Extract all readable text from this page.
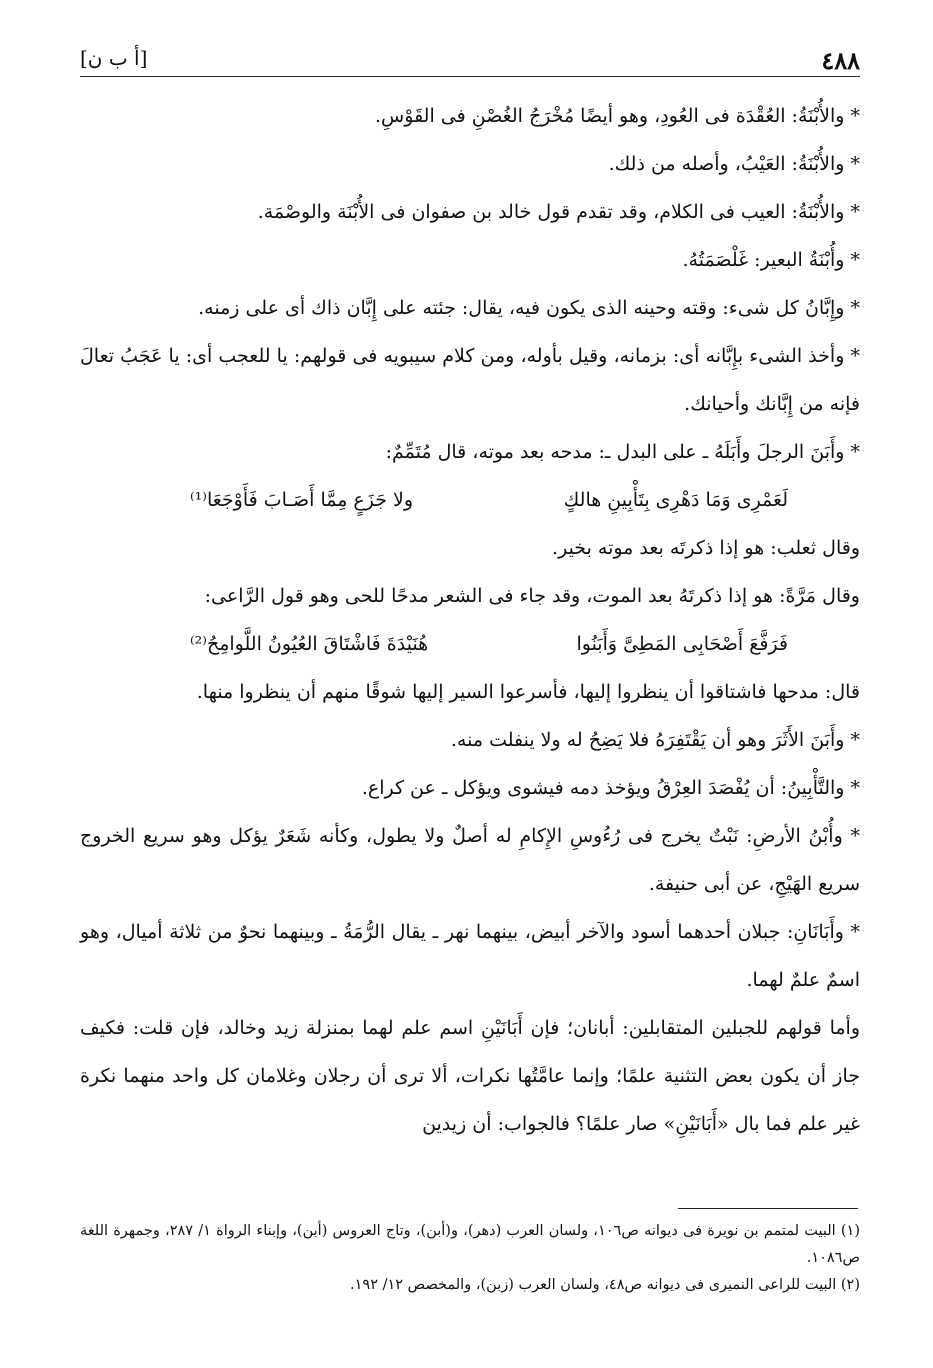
٤٨٨
[أ ب ن]

* والأُبْنَةُ: العُقْدَة فى العُودِ، وهو أيضًا مُخْرَجُ الغُصْنِ فى القَوْسِ.

* والأُبْنَةُ: العَيْبُ، وأصله من ذلك.

* والأُبْنَةُ: العيب فى الكلام، وقد تقدم قول خالد بن صفوان فى الأُبْنَة والوصْمَة.

* وأُبْنَةُ البعير: غَلْصَمَتُهُ.

* وإِبَّانُ كل شىء: وقته وحينه الذى يكون فيه، يقال: جئته على إِبَّان ذاك أى على زمنه.

* وأخذ الشىء بإِبَّانه أى: بزمانه، وقيل بأوله، ومن كلام سيبويه فى قولهم: يا للعجب أى: يا عَجَبُ تعالَ فإنه من إِبَّانك وأحيانك.

* وأَبَنَ الرجلَ وأَبَلَهُ ـ على البدل ـ: مدحه بعد موته، قال مُتَمِّمٌ:

لَعَمْرِى وَمَا دَهْرِى بِتَأْبِينِ هالكٍ
ولا جَزَعٍ مِمَّا أَصَـابَ فَأَوْجَعَا⁽¹⁾

وقال ثعلب: هو إذا ذكرتَه بعد موته بخير.

وقال مَرَّةً: هو إذا ذكرتَهُ بعد الموت، وقد جاء فى الشعر مدحًا للحى وهو قول الرَّاعى:

فَرَفَّعَ أَصْحَابِى المَطِىَّ وَأَبَنُوا
هُنَيْدَةَ فَاشْتَاقَ العُيُونُ اللَّوامِحُ⁽²⁾

قال: مدحها فاشتاقوا أن ينظروا إليها، فأسرعوا السير إليها شوقًا منهم أن ينظروا منها.

* وأَبَنَ الأَثَرَ وهو أن يَقْتَفِرَهُ فلا يَضِحُ له ولا ينفلت منه.

* والتَّأْبِينُ: أن يُفْصَدَ العِرْقُ ويؤخذ دمه فيشوى ويؤكل ـ عن كراع.

* وأُبْنُ الأرضِ: نَبْتٌ يخرج فى رُءُوسِ الإِكامِ له أصلٌ ولا يطول، وكأنه شَعَرٌ يؤكل وهو سريع الخروج سريع الهَيْجِ، عن أبى حنيفة.

* وأَبَانَانِ: جبلان أحدهما أسود والآخر أبيض، بينهما نهر ـ يقال الرُّمَةُ ـ وبينهما نحوٌ من ثلاثة أميال، وهو اسمٌ علمٌ لهما.

وأما قولهم للجبلين المتقابلين: أبانان؛ فإن أَبَانَيْنِ اسم علم لهما بمنزلة زيد وخالد، فإن قلت: فكيف جاز أن يكون بعض التثنية علمًا؛ وإنما عامَّتُها نكرات، ألا ترى أن رجلان وغلامان كل واحد منهما نكرة غير علم فما بال «أَبَانَيْنِ» صار علمًا؟ فالجواب: أن زيدين

(١) البيت لمتمم بن نويرة فى ديوانه ص١٠٦، ولسان العرب (دهر)، و(أبن)، وتاج العروس (أبن)، وإبناء الرواة ١/ ٢٨٧، وجمهرة اللغة ص١٠٨٦.

(٢) البيت للراعى النميرى فى ديوانه ص٤٨، ولسان العرب (زبن)، والمخصص ١٢/ ١٩٢.
